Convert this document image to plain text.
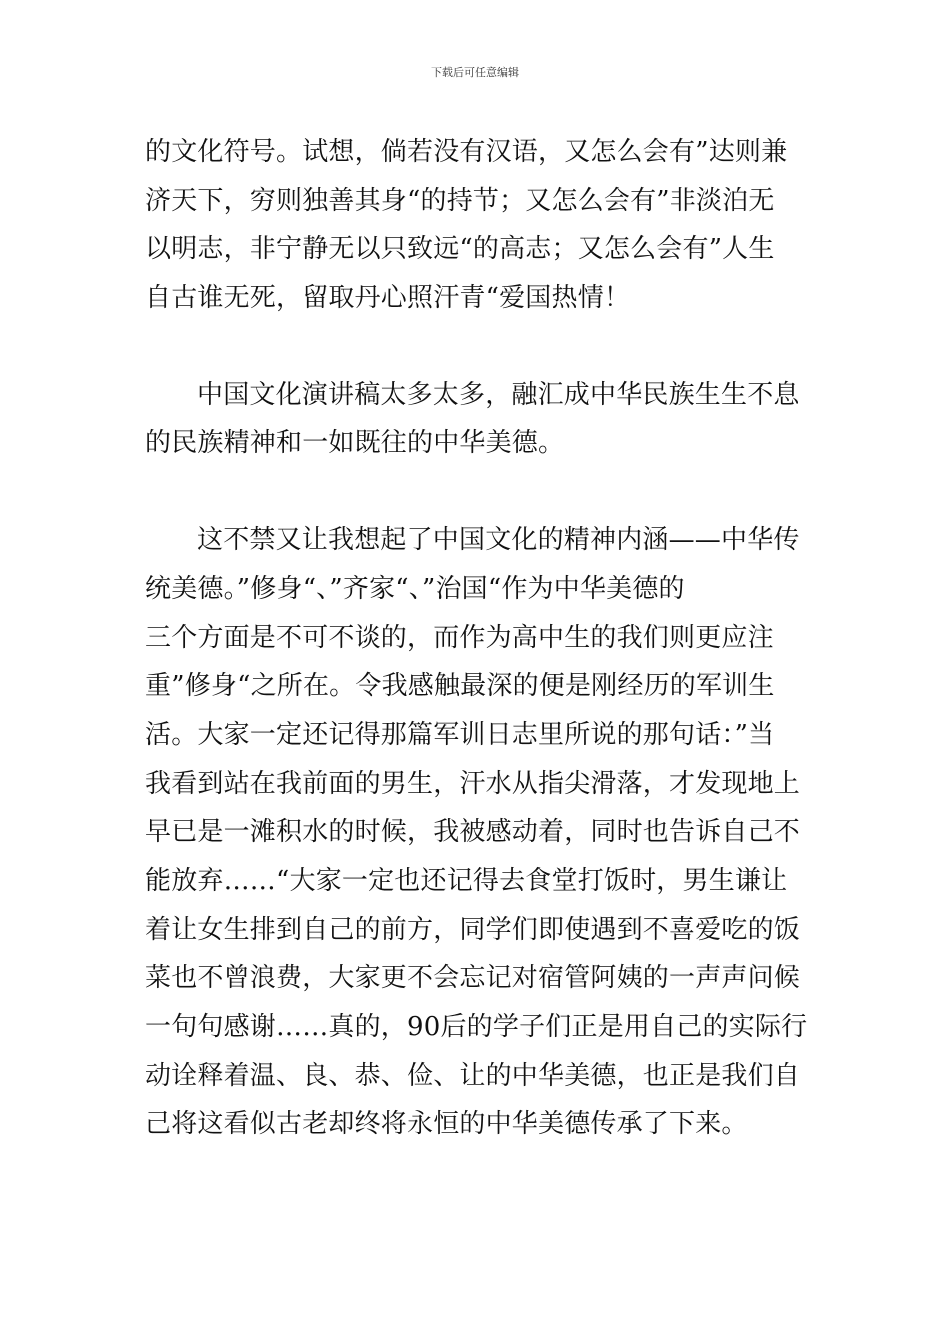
下载后可任意编辑

的文化符号。试想，倘若没有汉语，又怎么会有”达则兼
济天下，穷则独善其身“的持节；又怎么会有”非淡泊无
以明志，非宁静无以只致远“的高志；又怎么会有”人生
自古谁无死，留取丹心照汗青“爱国热情！

中国文化演讲稿太多太多，融汇成中华民族生生不息
的民族精神和一如既往的中华美德。

这不禁又让我想起了中国文化的精神内涵——中华传
统美德。”修身“、”齐家“、”治国“作为中华美德的
三个方面是不可不谈的，而作为高中生的我们则更应注
重”修身“之所在。令我感触最深的便是刚经历的军训生
活。大家一定还记得那篇军训日志里所说的那句话：”当
我看到站在我前面的男生，汗水从指尖滑落，才发现地上
早已是一滩积水的时候，我被感动着，同时也告诉自己不
能放弃……“大家一定也还记得去食堂打饭时，男生谦让
着让女生排到自己的前方，同学们即使遇到不喜爱吃的饭
菜也不曾浪费，大家更不会忘记对宿管阿姨的一声声问候
一句句感谢……真的，90后的学子们正是用自己的实际行
动诠释着温、良、恭、俭、让的中华美德，也正是我们自
己将这看似古老却终将永恒的中华美德传承了下来。
